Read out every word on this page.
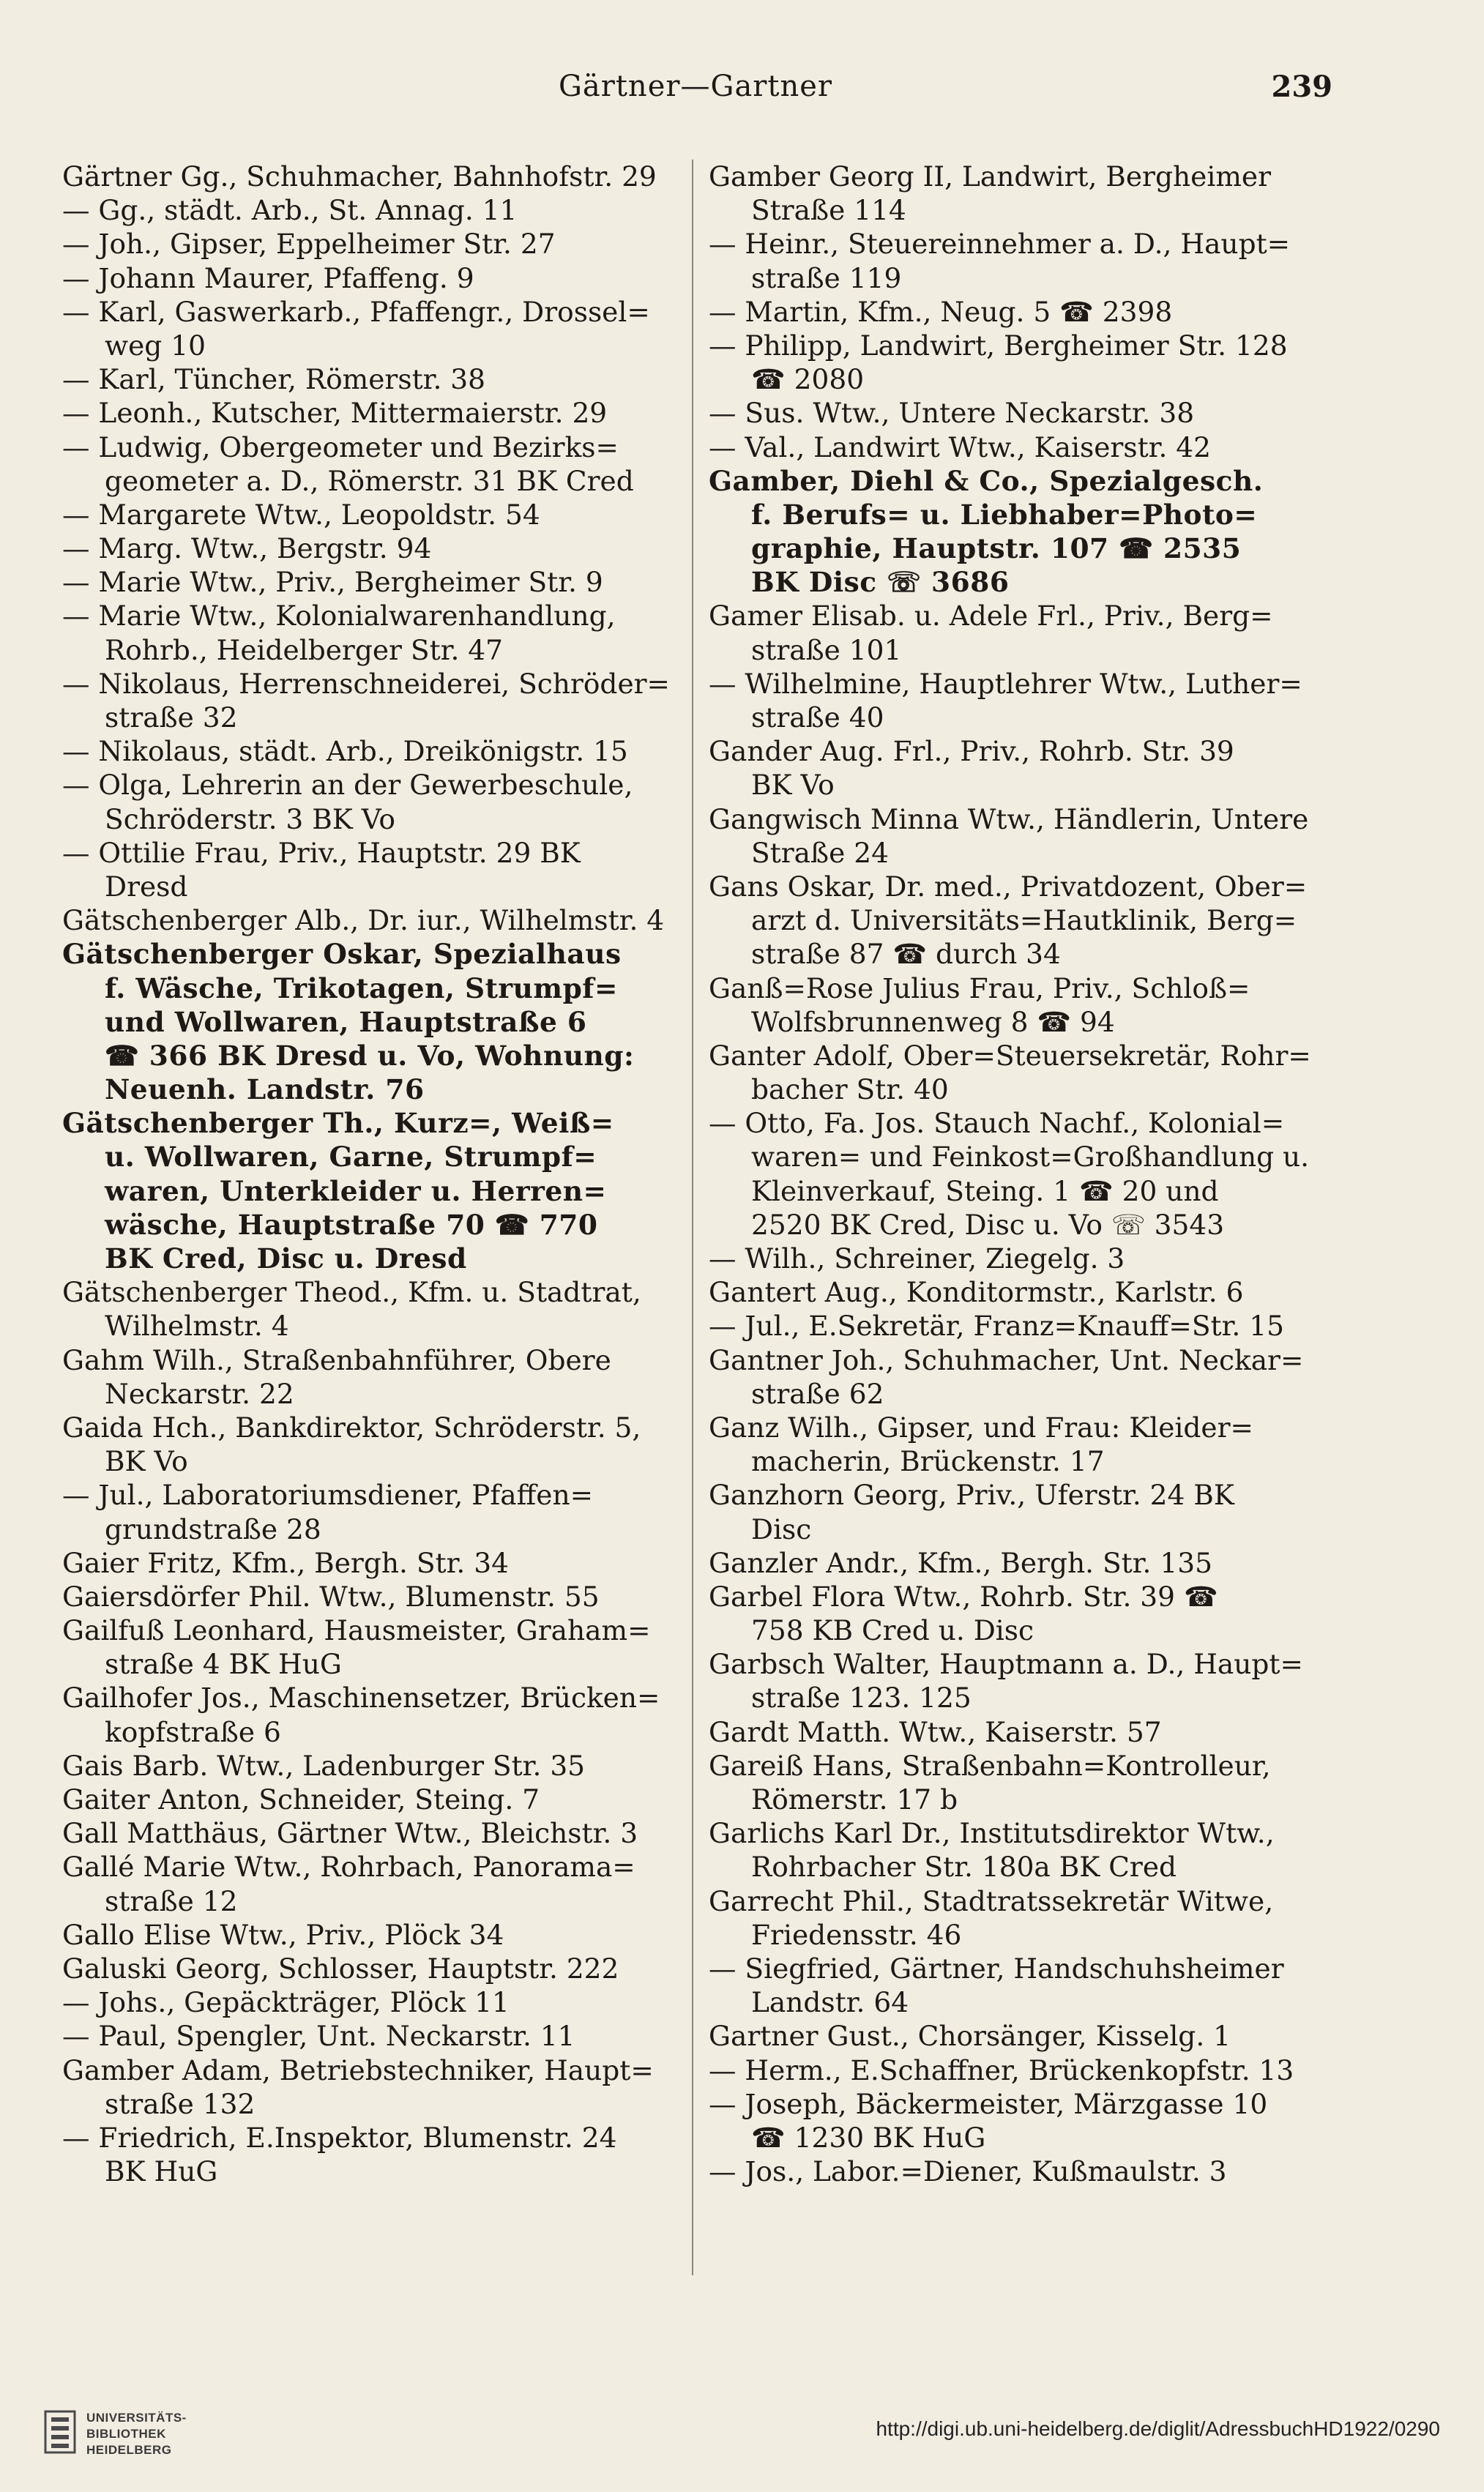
Gärtner—Gartner	239
Gärtner Gg., Schuhmacher, Bahnhofstr. 29
— Gg., städt. Arb., St. Annag. 11
— Joh., Gipser, Eppelheimer Str. 27
— Johann Maurer, Pfaffeng. 9
— Karl, Gaswerkarb., Pfaffengr., Drossel=
weg 10
— Karl, Tüncher, Römerstr. 38
— Leonh., Kutscher, Mittermaierstr. 29
— Ludwig, Obergeometer und Bezirks=
geometer a. D., Römerstr. 31 BK Cred
— Margarete Wtw., Leopoldstr. 54
— Marg. Wtw., Bergstr. 94
— Marie Wtw., Priv., Bergheimer Str. 9
— Marie Wtw., Kolonialwarenhandlung,
Rohrb., Heidelberger Str. 47
— Nikolaus, Herrenschneiderei, Schröder=
straße 32
— Nikolaus, städt. Arb., Dreikönigstr. 15
— Olga, Lehrerin an der Gewerbeschule,
Schröderstr. 3 BK Vo
— Ottilie Frau, Priv., Hauptstr. 29 BK
Dresd
Gätschenberger Alb., Dr. iur., Wilhelmstr. 4
Gätschenberger Oskar, Spezialhaus
f. Wäsche, Trikotagen, Strumpf=
und Wollwaren, Hauptstraße 6
☎ 366 BK Dresd u. Vo, Wohnung:
Neuenh. Landstr. 76
Gätschenberger Th., Kurz=, Weiß=
u. Wollwaren, Garne, Strumpf=
waren, Unterkleider u. Herren=
wäsche, Hauptstraße 70 ☎ 770
BK Cred, Disc u. Dresd
Gätschenberger Theod., Kfm. u. Stadtrat,
Wilhelmstr. 4
Gahm Wilh., Straßenbahnführer, Obere
Neckarstr. 22
Gaida Hch., Bankdirektor, Schröderstr. 5,
BK Vo
— Jul., Laboratoriumsdiener, Pfaffen=
grundstraße 28
Gaier Fritz, Kfm., Bergh. Str. 34
Gaiersdörfer Phil. Wtw., Blumenstr. 55
Gailfuß Leonhard, Hausmeister, Graham=
straße 4 BK HuG
Gailhofer Jos., Maschinensetzer, Brücken=
kopfstraße 6
Gais Barb. Wtw., Ladenburger Str. 35
Gaiter Anton, Schneider, Steing. 7
Gall Matthäus, Gärtner Wtw., Bleichstr. 3
Gallé Marie Wtw., Rohrbach, Panorama=
straße 12
Gallo Elise Wtw., Priv., Plöck 34
Galuski Georg, Schlosser, Hauptstr. 222
— Johs., Gepäckträger, Plöck 11
— Paul, Spengler, Unt. Neckarstr. 11
Gamber Adam, Betriebstechniker, Haupt=
straße 132
— Friedrich, E.Inspektor, Blumenstr. 24
BK HuG
Gamber Georg II, Landwirt, Bergheimer
Straße 114
— Heinr., Steuereinnehmer a. D., Haupt=
straße 119
— Martin, Kfm., Neug. 5 ☎ 2398
— Philipp, Landwirt, Bergheimer Str. 128
☎ 2080
— Sus. Wtw., Untere Neckarstr. 38
— Val., Landwirt Wtw., Kaiserstr. 42
Gamber, Diehl & Co., Spezialgesch.
f. Berufs= u. Liebhaber=Photo=
graphie, Hauptstr. 107 ☎ 2535
BK Disc ☏ 3686
Gamer Elisab. u. Adele Frl., Priv., Berg=
straße 101
— Wilhelmine, Hauptlehrer Wtw., Luther=
straße 40
Gander Aug. Frl., Priv., Rohrb. Str. 39
BK Vo
Gangwisch Minna Wtw., Händlerin, Untere
Straße 24
Gans Oskar, Dr. med., Privatdozent, Ober=
arzt d. Universitäts=Hautklinik, Berg=
straße 87 ☎ durch 34
Ganß=Rose Julius Frau, Priv., Schloß=
Wolfsbrunnenweg 8 ☎ 94
Ganter Adolf, Ober=Steuersekretär, Rohr=
bacher Str. 40
— Otto, Fa. Jos. Stauch Nachf., Kolonial=
waren= und Feinkost=Großhandlung u.
Kleinverkauf, Steing. 1 ☎ 20 und
2520 BK Cred, Disc u. Vo ☏ 3543
— Wilh., Schreiner, Ziegelg. 3
Gantert Aug., Konditormstr., Karlstr. 6
— Jul., E.Sekretär, Franz=Knauff=Str. 15
Gantner Joh., Schuhmacher, Unt. Neckar=
straße 62
Ganz Wilh., Gipser, und Frau: Kleider=
macherin, Brückenstr. 17
Ganzhorn Georg, Priv., Uferstr. 24 BK
Disc
Ganzler Andr., Kfm., Bergh. Str. 135
Garbel Flora Wtw., Rohrb. Str. 39 ☎
758 KB Cred u. Disc
Garbsch Walter, Hauptmann a. D., Haupt=
straße 123. 125
Gardt Matth. Wtw., Kaiserstr. 57
Gareiß Hans, Straßenbahn=Kontrolleur,
Römerstr. 17 b
Garlichs Karl Dr., Institutsdirektor Wtw.,
Rohrbacher Str. 180a BK Cred
Garrecht Phil., Stadtratssekretär Witwe,
Friedensstr. 46
— Siegfried, Gärtner, Handschuhsheimer
Landstr. 64
Gartner Gust., Chorsänger, Kisselg. 1
— Herm., E.Schaffner, Brückenkopfstr. 13
— Joseph, Bäckermeister, Märzgasse 10
☎ 1230 BK HuG
— Jos., Labor.=Diener, Kußmaulstr. 3
UNIVERSITÄTS-
BIBLIOTHEK
HEIDELBERG
http://digi.ub.uni-heidelberg.de/diglit/AdressbuchHD1922/0290
